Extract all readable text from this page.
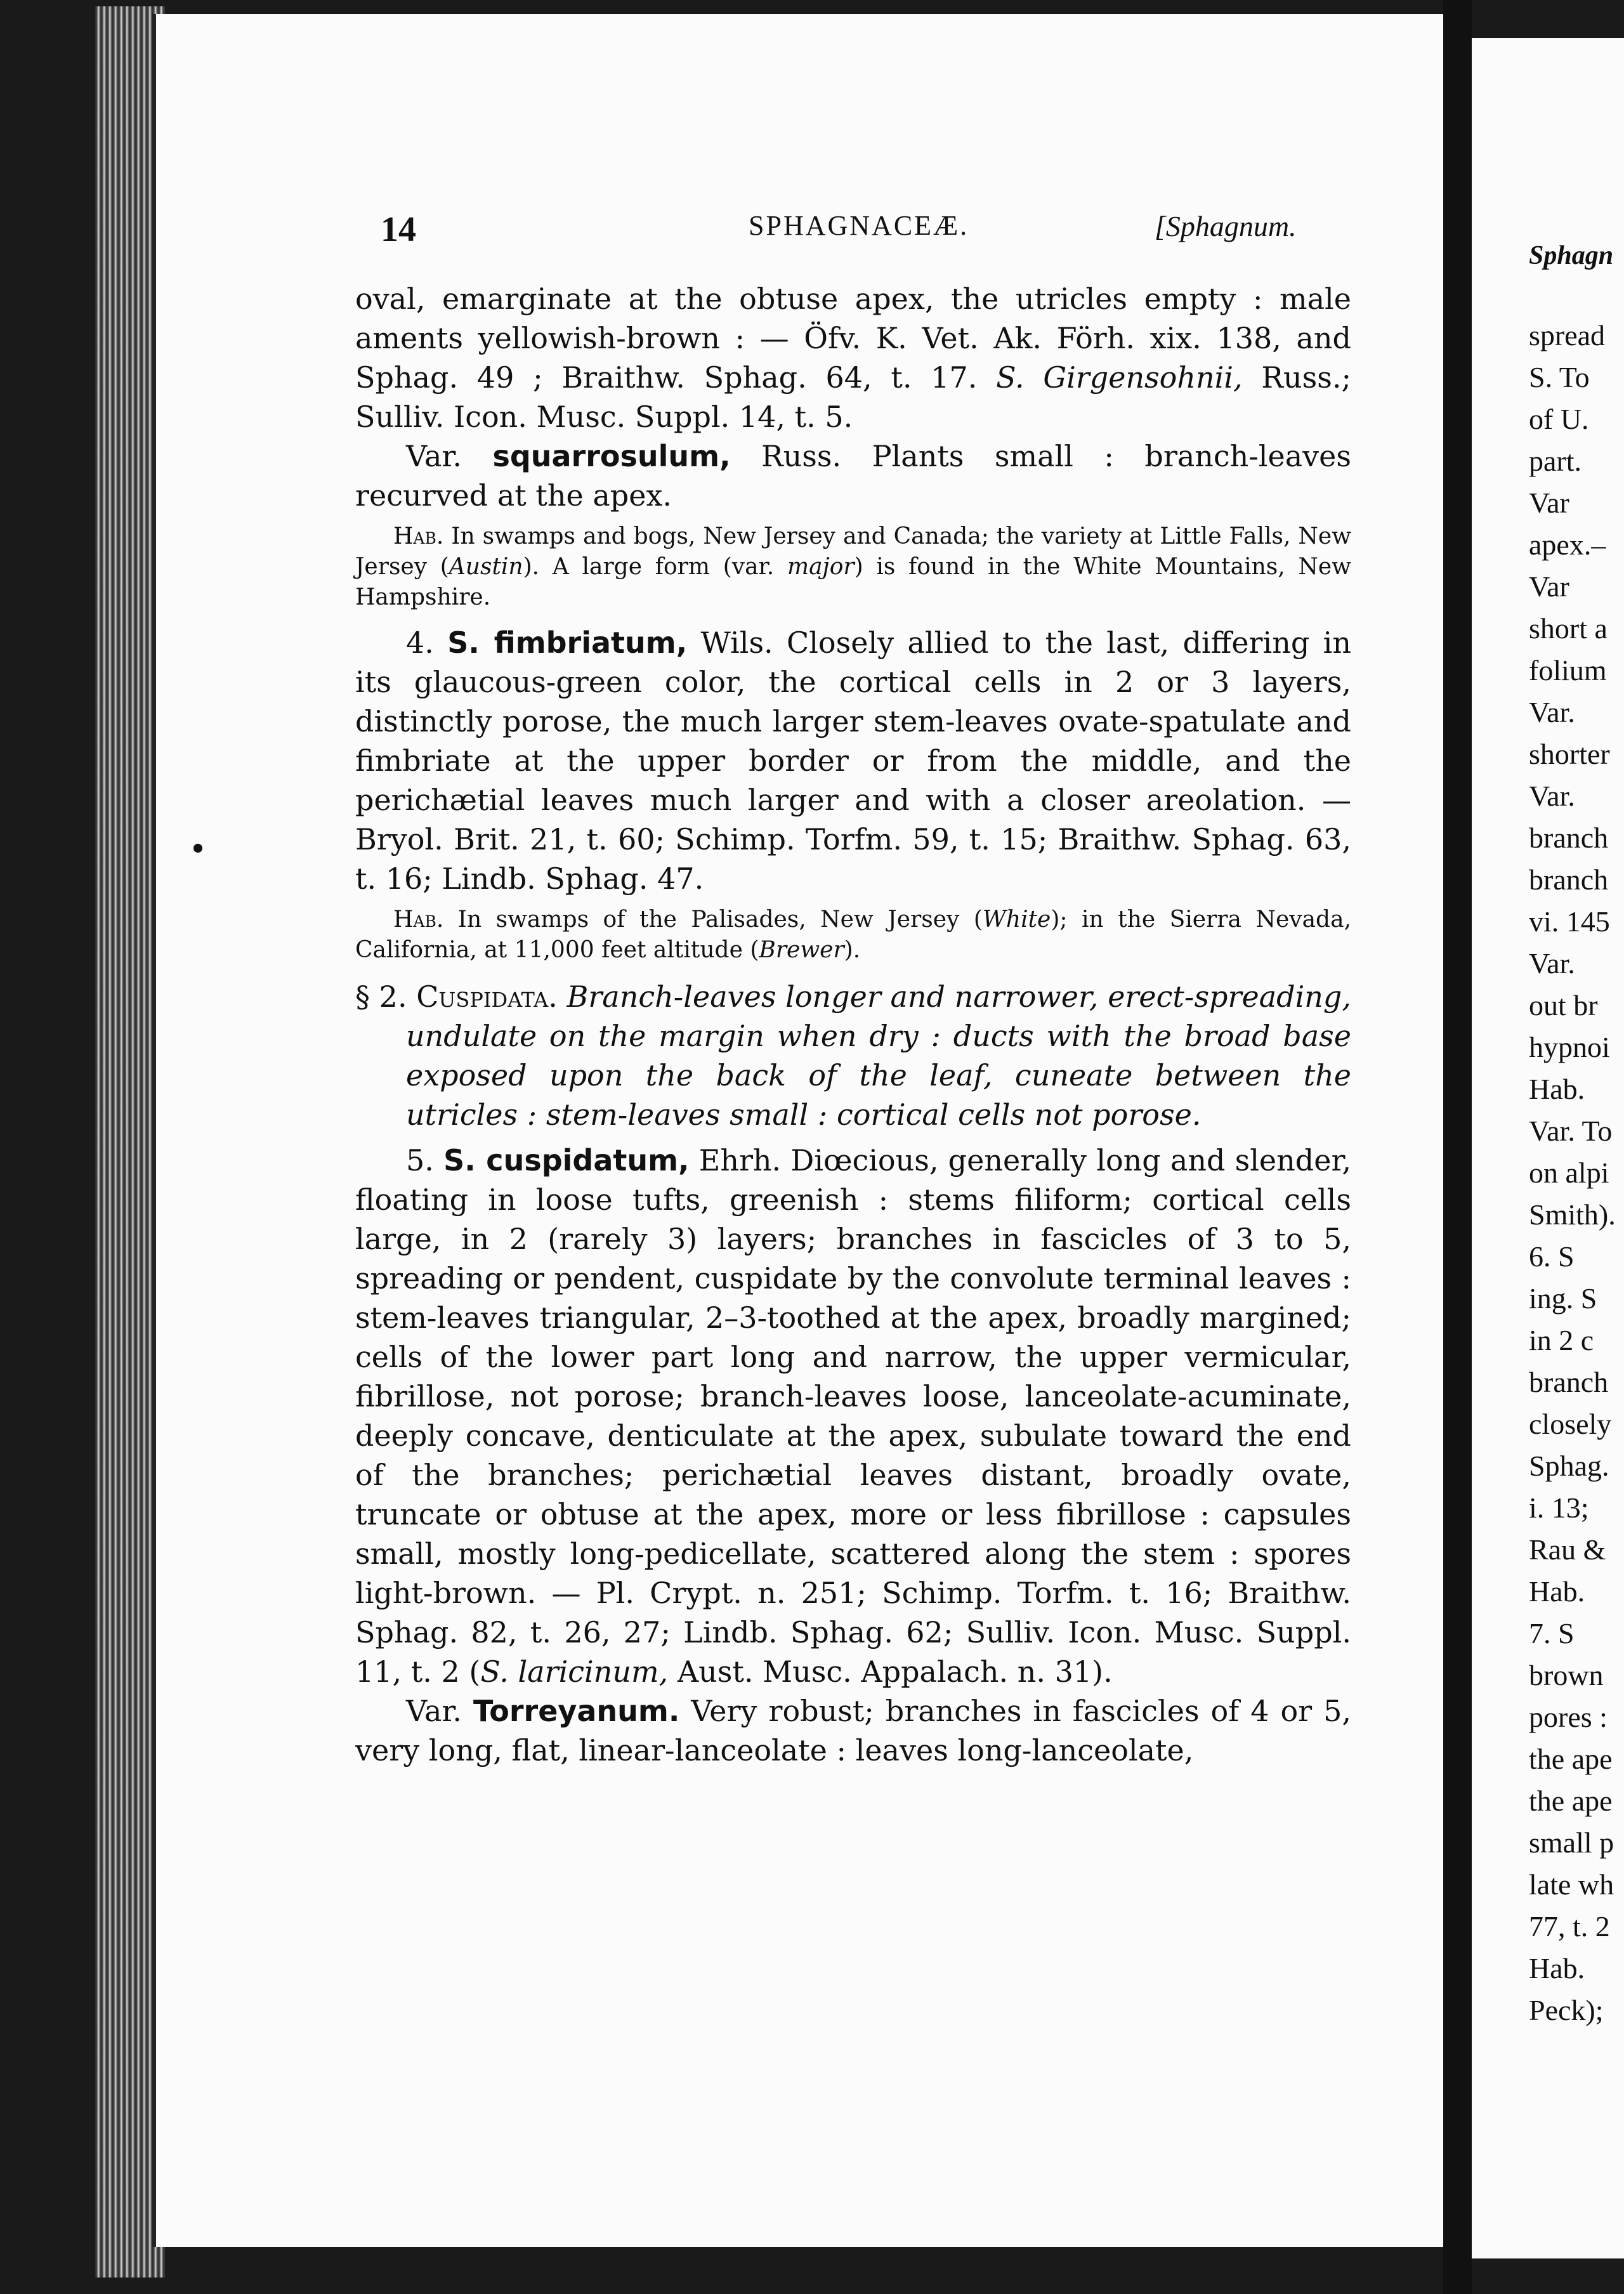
14	SPHAGNACEÆ.	[Sphagnum.

oval, emarginate at the obtuse apex, the utricles empty : male aments yellowish-brown : — Öfv. K. Vet. Ak. Förh. xix. 138, and Sphag. 49 ; Braithw. Sphag. 64, t. 17. S. Girgensohnii, Russ.; Sulliv. Icon. Musc. Suppl. 14, t. 5.

Var. squarrosulum, Russ. Plants small : branch-leaves recurved at the apex.

Hab. In swamps and bogs, New Jersey and Canada; the variety at Little Falls, New Jersey (Austin). A large form (var. major) is found in the White Mountains, New Hampshire.

4. S. fimbriatum, Wils. Closely allied to the last, differing in its glaucous-green color, the cortical cells in 2 or 3 layers, distinctly porose, the much larger stem-leaves ovate-spatulate and fimbriate at the upper border or from the middle, and the perichætial leaves much larger and with a closer areolation. — Bryol. Brit. 21, t. 60; Schimp. Torfm. 59, t. 15; Braithw. Sphag. 63, t. 16; Lindb. Sphag. 47.

Hab. In swamps of the Palisades, New Jersey (White); in the Sierra Nevada, California, at 11,000 feet altitude (Brewer).

§ 2. Cuspidata. Branch-leaves longer and narrower, erect-spreading, undulate on the margin when dry : ducts with the broad base exposed upon the back of the leaf, cuneate between the utricles : stem-leaves small : cortical cells not porose.

5. S. cuspidatum, Ehrh. Diœcious, generally long and slender, floating in loose tufts, greenish : stems filiform; cortical cells large, in 2 (rarely 3) layers; branches in fascicles of 3 to 5, spreading or pendent, cuspidate by the convolute terminal leaves : stem-leaves triangular, 2–3-toothed at the apex, broadly margined; cells of the lower part long and narrow, the upper vermicular, fibrillose, not porose; branch-leaves loose, lanceolate-acuminate, deeply concave, denticulate at the apex, subulate toward the end of the branches; perichætial leaves distant, broadly ovate, truncate or obtuse at the apex, more or less fibrillose : capsules small, mostly long-pedicellate, scattered along the stem : spores light-brown. — Pl. Crypt. n. 251; Schimp. Torfm. t. 16; Braithw. Sphag. 82, t. 26, 27; Lindb. Sphag. 62; Sulliv. Icon. Musc. Suppl. 11, t. 2 (S. laricinum, Aust. Musc. Appalach. n. 31).

Var. Torreyanum. Very robust; branches in fascicles of 4 or 5, very long, flat, linear-lanceolate : leaves long-lanceolate,

Sphagn
spread
S. To
of U.
part.
Var
apex.–
Var
short a
folium
Var.
shorter
Var.
branch
branch
vi. 145
Var.
out br
hypnoi
Hab.
Var. To
on alpi
Smith).
6. S
ing. S
in 2 c
branch
closely
Sphag.
i. 13;
Rau &
Hab.
7. S
brown
pores :
the ape
the ape
small p
late wh
77, t. 2
Hab.
Peck);
